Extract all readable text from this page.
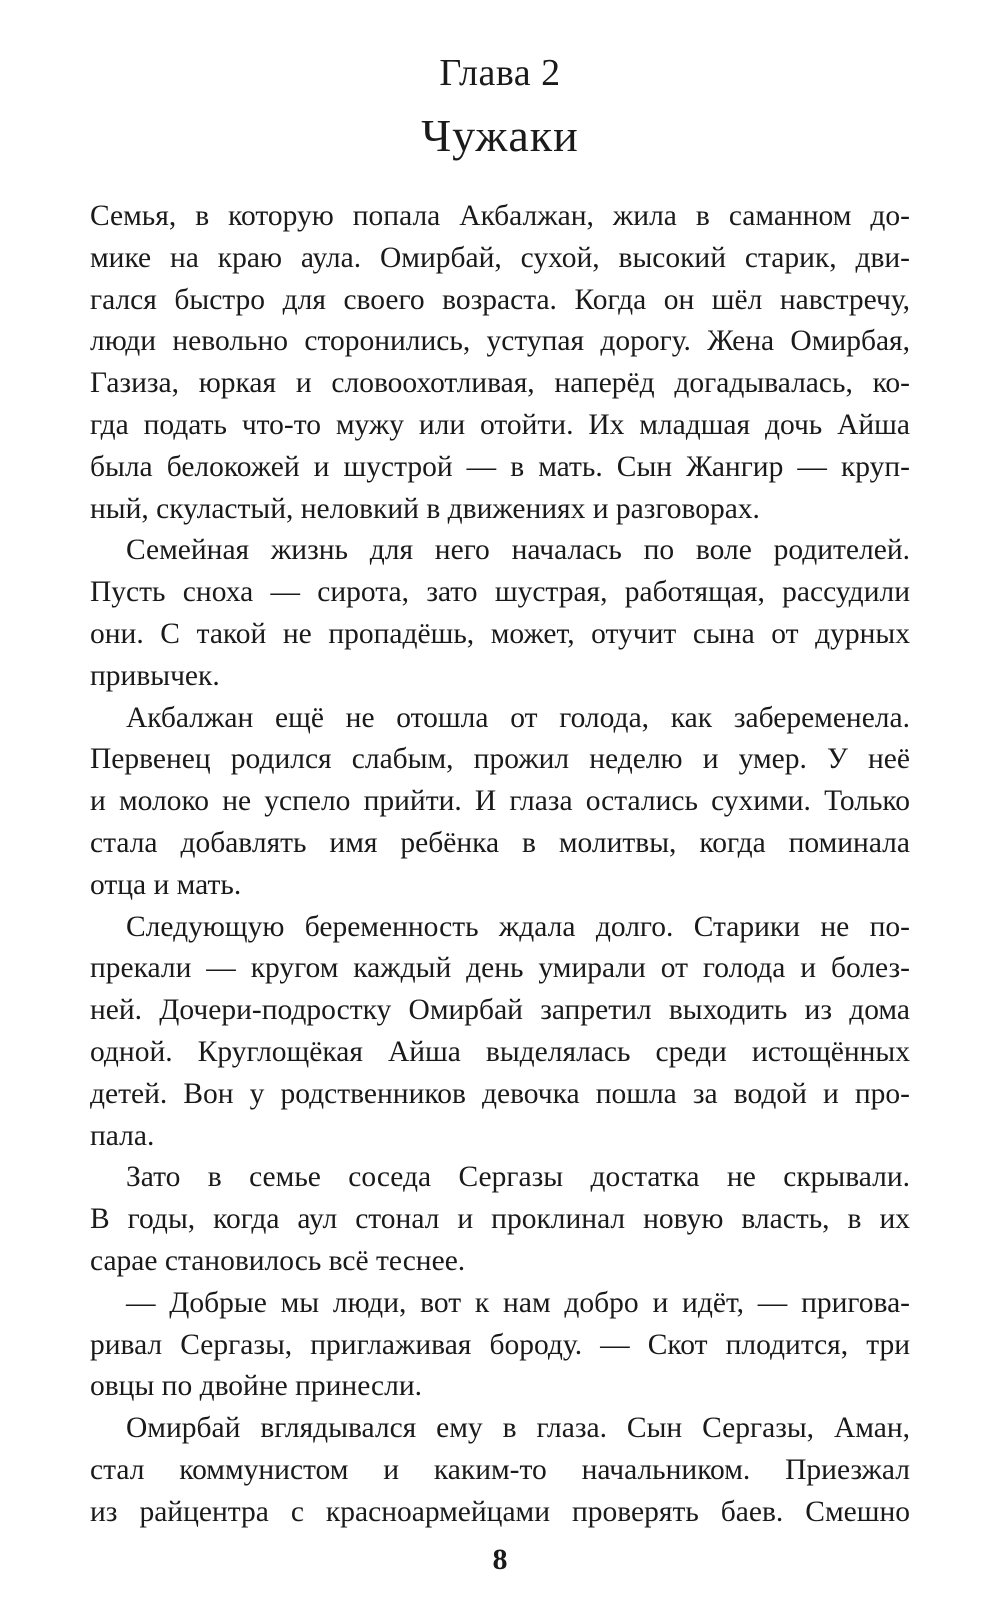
Глава 2
Чужаки
Семья, в которую попала Акбалжан, жила в саманном до-
мике на краю аула. Омирбай, сухой, высокий старик, дви-
гался быстро для своего возраста. Когда он шёл навстречу,
люди невольно сторонились, уступая дорогу. Жена Омирбая,
Газиза, юркая и словоохотливая, наперёд догадывалась, ко-
гда подать что-то мужу или отойти. Их младшая дочь Айша
была белокожей и шустрой — в мать. Сын Жангир — круп-
ный, скуластый, неловкий в движениях и разговорах.
Семейная жизнь для него началась по воле родителей.
Пусть сноха — сирота, зато шустрая, работящая, рассудили
они. С такой не пропадёшь, может, отучит сына от дурных
привычек.
Акбалжан ещё не отошла от голода, как забеременела.
Первенец родился слабым, прожил неделю и умер. У неё
и молоко не успело прийти. И глаза остались сухими. Только
стала добавлять имя ребёнка в молитвы, когда поминала
отца и мать.
Следующую беременность ждала долго. Старики не по-
прекали — кругом каждый день умирали от голода и болез-
ней. Дочери-подростку Омирбай запретил выходить из дома
одной. Круглощёкая Айша выделялась среди истощённых
детей. Вон у родственников девочка пошла за водой и про-
пала.
Зато в семье соседа Сергазы достатка не скрывали.
В годы, когда аул стонал и проклинал новую власть, в их
сарае становилось всё теснее.
— Добрые мы люди, вот к нам добро и идёт, — пригова-
ривал Сергазы, приглаживая бороду. — Скот плодится, три
овцы по двойне принесли.
Омирбай вглядывался ему в глаза. Сын Сергазы, Аман,
стал коммунистом и каким-то начальником. Приезжал
из райцентра с красноармейцами проверять баев. Смешно
8
